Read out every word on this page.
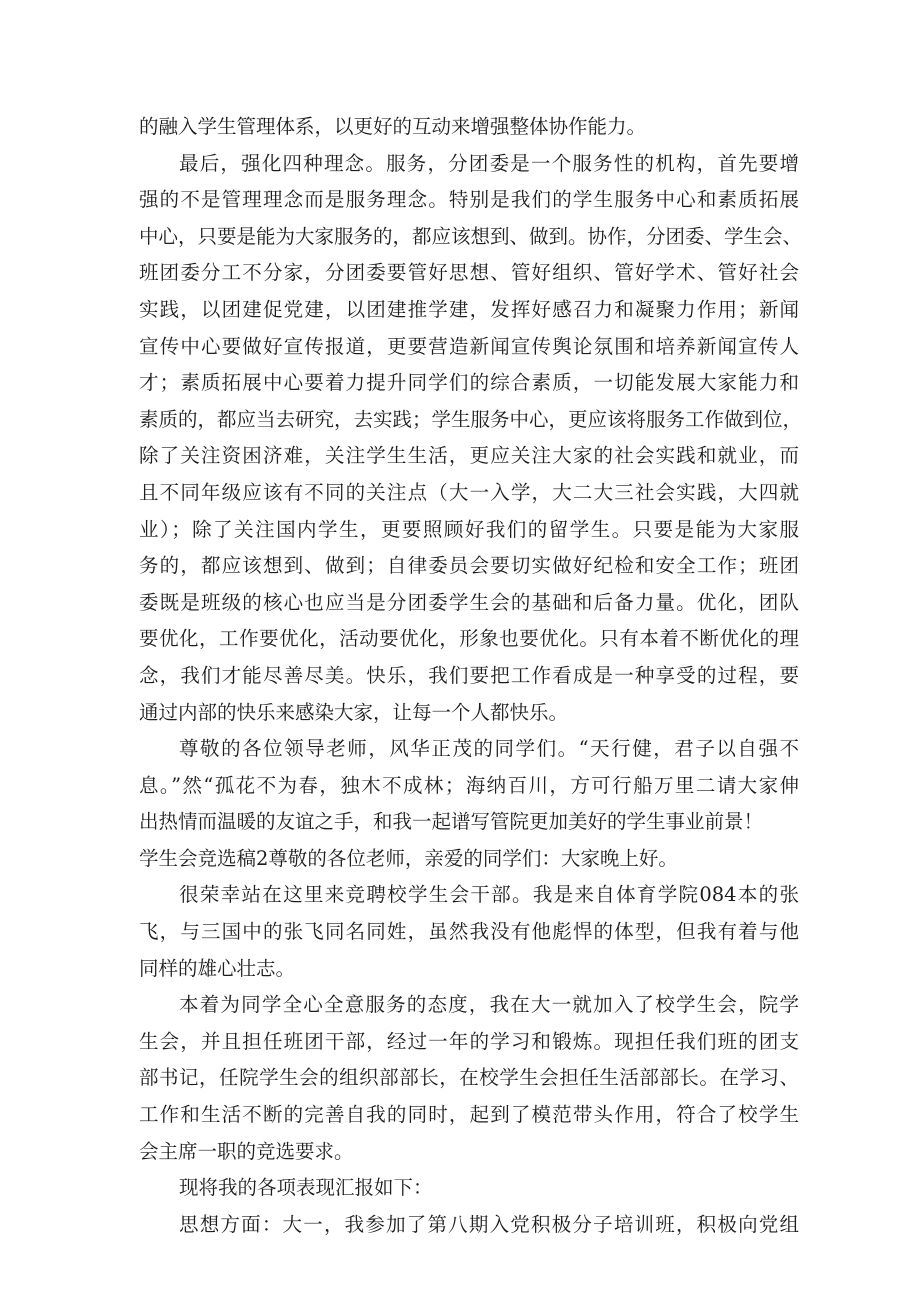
的融入学生管理体系，以更好的互动来增强整体协作能力。
最后，强化四种理念。服务，分团委是一个服务性的机构，首先要增
强的不是管理理念而是服务理念。特别是我们的学生服务中心和素质拓展
中心，只要是能为大家服务的，都应该想到、做到。协作，分团委、学生会、
班团委分工不分家，分团委要管好思想、管好组织、管好学术、管好社会
实践，以团建促党建，以团建推学建，发挥好感召力和凝聚力作用；新闻
宣传中心要做好宣传报道，更要营造新闻宣传舆论氛围和培养新闻宣传人
才；素质拓展中心要着力提升同学们的综合素质，一切能发展大家能力和
素质的，都应当去研究，去实践；学生服务中心，更应该将服务工作做到位，
除了关注资困济难，关注学生生活，更应关注大家的社会实践和就业，而
且不同年级应该有不同的关注点（大一入学，大二大三社会实践，大四就
业）；除了关注国内学生，更要照顾好我们的留学生。只要是能为大家服
务的，都应该想到、做到；自律委员会要切实做好纪检和安全工作；班团
委既是班级的核心也应当是分团委学生会的基础和后备力量。优化，团队
要优化，工作要优化，活动要优化，形象也要优化。只有本着不断优化的理
念，我们才能尽善尽美。快乐，我们要把工作看成是一种享受的过程，要
通过内部的快乐来感染大家，让每一个人都快乐。
尊敬的各位领导老师，风华正茂的同学们。“天行健，君子以自强不
息。”然“孤花不为春，独木不成林；海纳百川，方可行船万里二请大家伸
出热情而温暖的友谊之手，和我一起谱写管院更加美好的学生事业前景！
学生会竞选稿2尊敬的各位老师，亲爱的同学们：大家晚上好。
很荣幸站在这里来竞聘校学生会干部。我是来自体育学院084本的张
飞，与三国中的张飞同名同姓，虽然我没有他彪悍的体型，但我有着与他
同样的雄心壮志。
本着为同学全心全意服务的态度，我在大一就加入了校学生会，院学
生会，并且担任班团干部，经过一年的学习和锻炼。现担任我们班的团支
部书记，任院学生会的组织部部长，在校学生会担任生活部部长。在学习、
工作和生活不断的完善自我的同时，起到了模范带头作用，符合了校学生
会主席一职的竞选要求。
现将我的各项表现汇报如下：
思想方面：大一，我参加了第八期入党积极分子培训班，积极向党组
